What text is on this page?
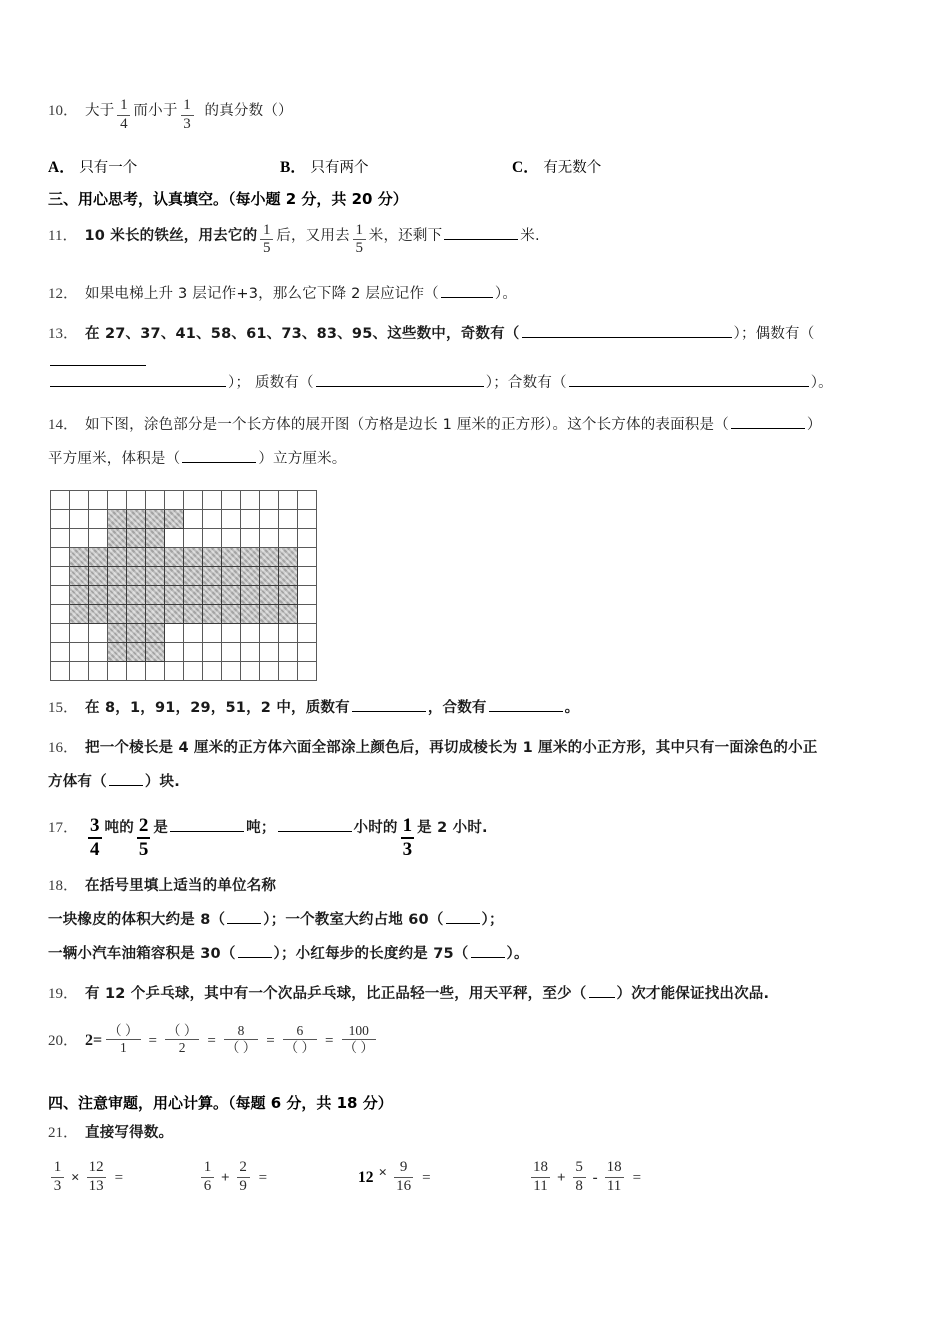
10． 大于 $\frac{1}{4}$ 而小于 $\frac{1}{3}$ 的真分数（）
A． 只有一个	B． 只有两个	C． 有无数个
三、用心思考，认真填空。（每小题 2 分，共 20 分）
11． 10 米长的铁丝，用去它的 $\frac{1}{5}$ 后，又用去 $\frac{1}{5}$ 米，还剩下	米.
12． 如果电梯上升 3 层记作+3，那么它下降 2 层应记作（	）。
13． 在 27、37、41、58、61、73、83、95、这些数中，奇数有（	）；偶数有（
）； 质数有（	）；合数有（	）。
14． 如下图，涂色部分是一个长方体的展开图（方格是边长 1 厘米的正方形）。这个长方体的表面积是（	）
平方厘米，体积是（	）立方厘米。

15． 在 8，1，91，29，51，2 中，质数有	，合数有	。
16． 把一个棱长是 4 厘米的正方体六面全部涂上颜色后，再切成棱长为 1 厘米的小正方形，其中只有一面涂色的小正
方体有（	）块.
17． $\frac{3}{4}$ 吨的 $\frac{2}{5}$ 是	吨；	小时的 $\frac{1}{3}$ 是 2 小时.
18． 在括号里填上适当的单位名称
一块橡皮的体积大约是 8（	）；一个教室大约占地 60（	）；
一辆小汽车油箱容积是 30（	）；小红每步的长度约是 75（	）。
19． 有 12 个乒乓球，其中有一个次品乒乓球，比正品轻一些，用天平秤，至少（ ）次才能保证找出次品.
20． $2= \frac{( )}{1} = \frac{( )}{2} = \frac{8}{( )} = \frac{6}{( )} = \frac{100}{( )}$
四、注意审题，用心计算。（每题 6 分，共 18 分）
21． 直接写得数。
$\frac{1}{3} \times \frac{12}{13}$ =	$\frac{1}{6} + \frac{2}{9}$ =	$12 \times \frac{9}{16}$ =	$\frac{18}{11} + \frac{5}{8} - \frac{18}{11}$ =
